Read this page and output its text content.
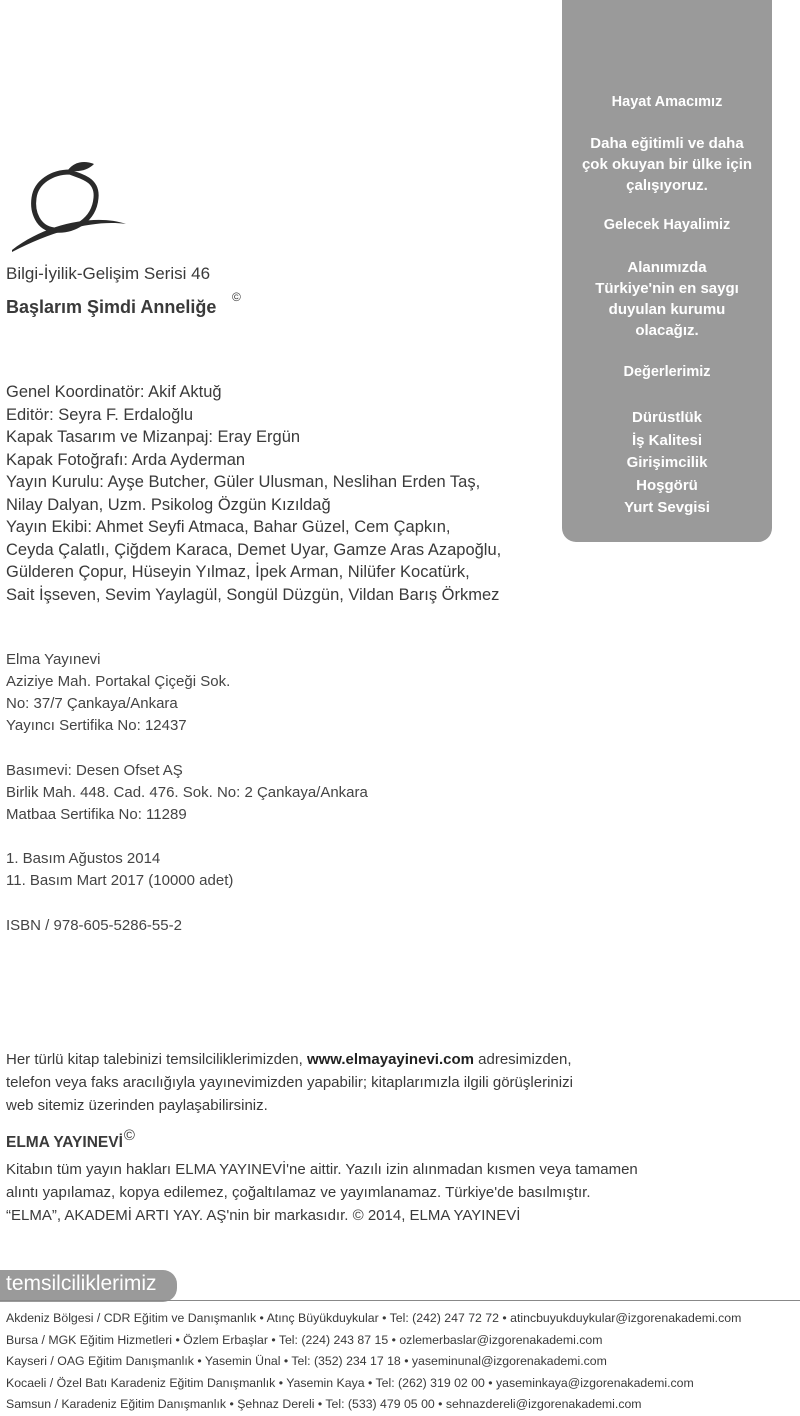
Hayat Amacımız
Daha eğitimli ve daha
çok okuyan bir ülke için
çalışıyoruz.
Gelecek Hayalimiz
Alanımızda
Türkiye'nin en saygı
duyulan kurumu
olacağız.
Değerlerimiz
Dürüstlük
İş Kalitesi
Girişimcilik
Hoşgörü
Yurt Sevgisi
Bilgi-İyilik-Gelişim Serisi 46
Başlarım Şimdi Anneliğe ©
Genel Koordinatör: Akif Aktuğ
Editör: Seyra F. Erdaloğlu
Kapak Tasarım ve Mizanpaj: Eray Ergün
Kapak Fotoğrafı: Arda Ayderman
Yayın Kurulu: Ayşe Butcher, Güler Ulusman, Neslihan Erden Taş,
Nilay Dalyan, Uzm. Psikolog Özgün Kızıldağ
Yayın Ekibi: Ahmet Seyfi Atmaca, Bahar Güzel, Cem Çapkın,
Ceyda Çalatlı, Çiğdem Karaca, Demet Uyar, Gamze Aras Azapoğlu,
Gülderen Çopur, Hüseyin Yılmaz, İpek Arman, Nilüfer Kocatürk,
Sait İşseven, Sevim Yaylagül, Songül Düzgün, Vildan Barış Örkmez
Elma Yayınevi
Aziziye Mah. Portakal Çiçeği Sok.
No: 37/7 Çankaya/Ankara
Yayıncı Sertifika No: 12437
Basımevi: Desen Ofset AŞ
Birlik Mah. 448. Cad. 476. Sok. No: 2 Çankaya/Ankara
Matbaa Sertifika No: 11289
1. Basım Ağustos 2014
11. Basım Mart 2017 (10000 adet)
ISBN / 978-605-5286-55-2
Her türlü kitap talebinizi temsilciliklerimizden, www.elmayayinevi.com adresimizden,
telefon veya faks aracılığıyla yayınevimizden yapabilir; kitaplarımızla ilgili görüşlerinizi
web sitemiz üzerinden paylaşabilirsiniz.
ELMA YAYINEVİ©
Kitabın tüm yayın hakları ELMA YAYINEVİ'ne aittir. Yazılı izin alınmadan kısmen veya tamamen
alıntı yapılamaz, kopya edilemez, çoğaltılamaz ve yayımlanamaz. Türkiye'de basılmıştır.
“ELMA”, AKADEMİ ARTI YAY. AŞ'nin bir markasıdır. © 2014, ELMA YAYINEVİ
temsilciliklerimiz
Akdeniz Bölgesi / CDR Eğitim ve Danışmanlık • Atınç Büyükduykular • Tel: (242) 247 72 72 • atincbuyukduykular@izgorenakademi.com
Bursa / MGK Eğitim Hizmetleri • Özlem Erbaşlar • Tel: (224) 243 87 15 • ozlemerbaslar@izgorenakademi.com
Kayseri / OAG Eğitim Danışmanlık • Yasemin Ünal • Tel: (352) 234 17 18 • yaseminunal@izgorenakademi.com
Kocaeli / Özel Batı Karadeniz Eğitim Danışmanlık • Yasemin Kaya • Tel: (262) 319 02 00 • yaseminkaya@izgorenakademi.com
Samsun / Karadeniz Eğitim Danışmanlık • Şehnaz Dereli • Tel: (533) 479 05 00 • sehnazdereli@izgorenakademi.com
